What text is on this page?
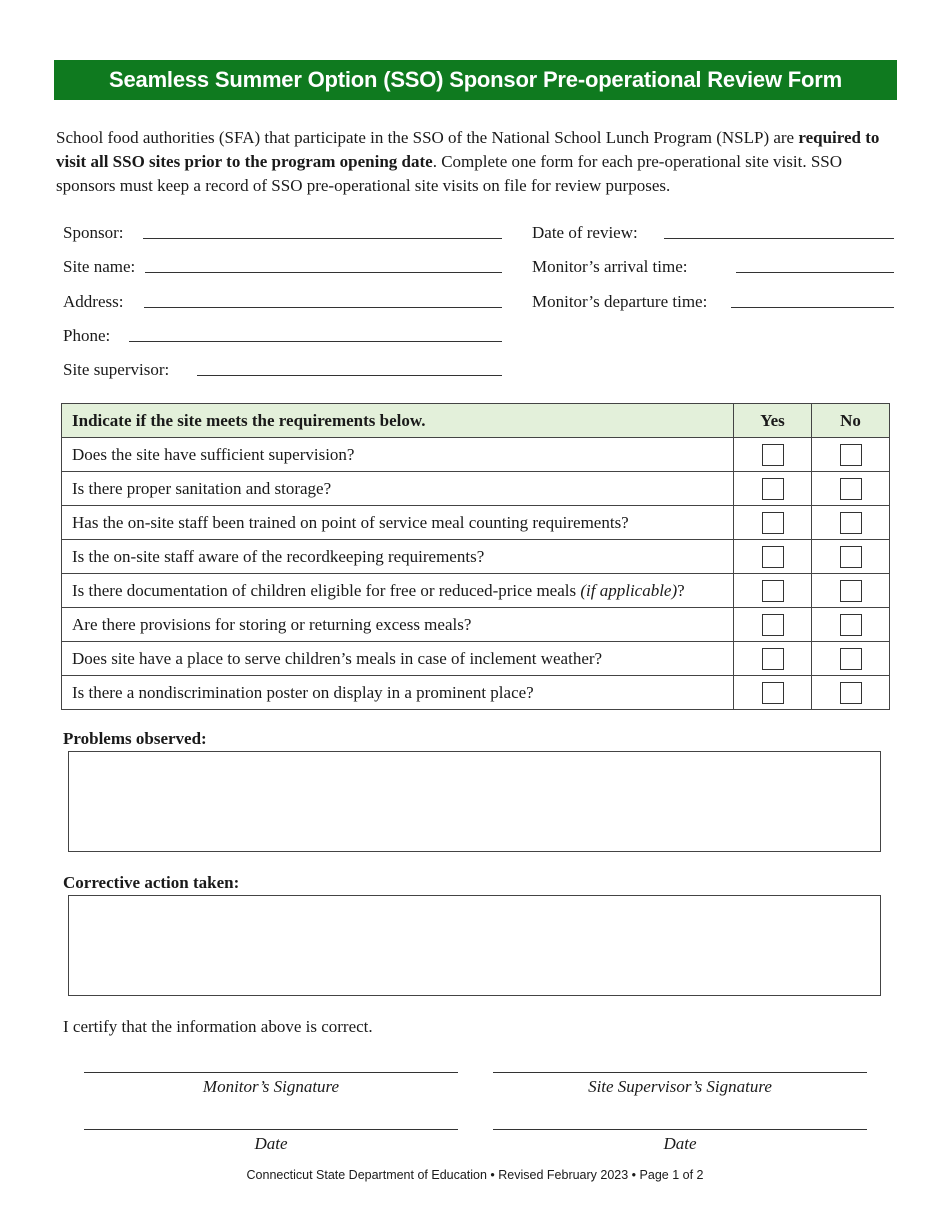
Seamless Summer Option (SSO) Sponsor Pre-operational Review Form
School food authorities (SFA) that participate in the SSO of the National School Lunch Program (NSLP) are required to visit all SSO sites prior to the program opening date. Complete one form for each pre-operational site visit. SSO sponsors must keep a record of SSO pre-operational site visits on file for review purposes.
Sponsor:
Site name:
Address:
Phone:
Site supervisor:
Date of review:
Monitor’s arrival time:
Monitor’s departure time:
Indicate if the site meets the requirements below.	Yes	No
Does the site have sufficient supervision?		
Is there proper sanitation and storage?		
Has the on-site staff been trained on point of service meal counting requirements?		
Is the on-site staff aware of the recordkeeping requirements?		
Is there documentation of children eligible for free or reduced-price meals (if applicable)?		
Are there provisions for storing or returning excess meals?		
Does site have a place to serve children’s meals in case of inclement weather?		
Is there a nondiscrimination poster on display in a prominent place?		
Problems observed:
Corrective action taken:
I certify that the information above is correct.
Monitor’s Signature	Site Supervisor’s Signature
Date	Date
Connecticut State Department of Education • Revised February 2023 • Page 1 of 2
